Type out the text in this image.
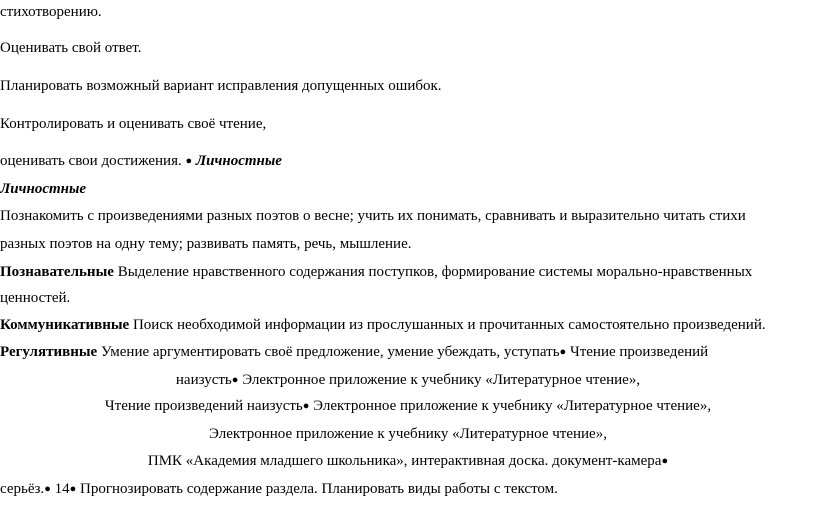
стихотворению.
Оценивать свой ответ.
Планировать возможный вариант исправления допущенных ошибок.
Контролировать и оценивать своё чтение,
оценивать свои достижения. ● Личностные
Личностные
Познакомить с произведениями разных поэтов о весне; учить их понимать, сравнивать и выразительно читать стихи
разных поэтов на одну тему; развивать память, речь, мышление.
Познавательные Выделение нравственного содержания поступков, формирование системы морально-нравственных
ценностей.
Коммуникативные Поиск необходимой информации из прослушанных и прочитанных самостоятельно произведений.
Регулятивные Умение аргументировать своё предложение, умение убеждать, уступать● Чтение произведений
наизусть● Электронное приложение к учебнику «Литературное чтение»,
Чтение произведений наизусть● Электронное приложение к учебнику «Литературное чтение»,
Электронное приложение к учебнику «Литературное чтение»,
ПМК «Академия младшего школьника», интерактивная доска. документ-камера●
серьёз.● 14● Прогнозировать содержание раздела. Планировать виды работы с текстом.
